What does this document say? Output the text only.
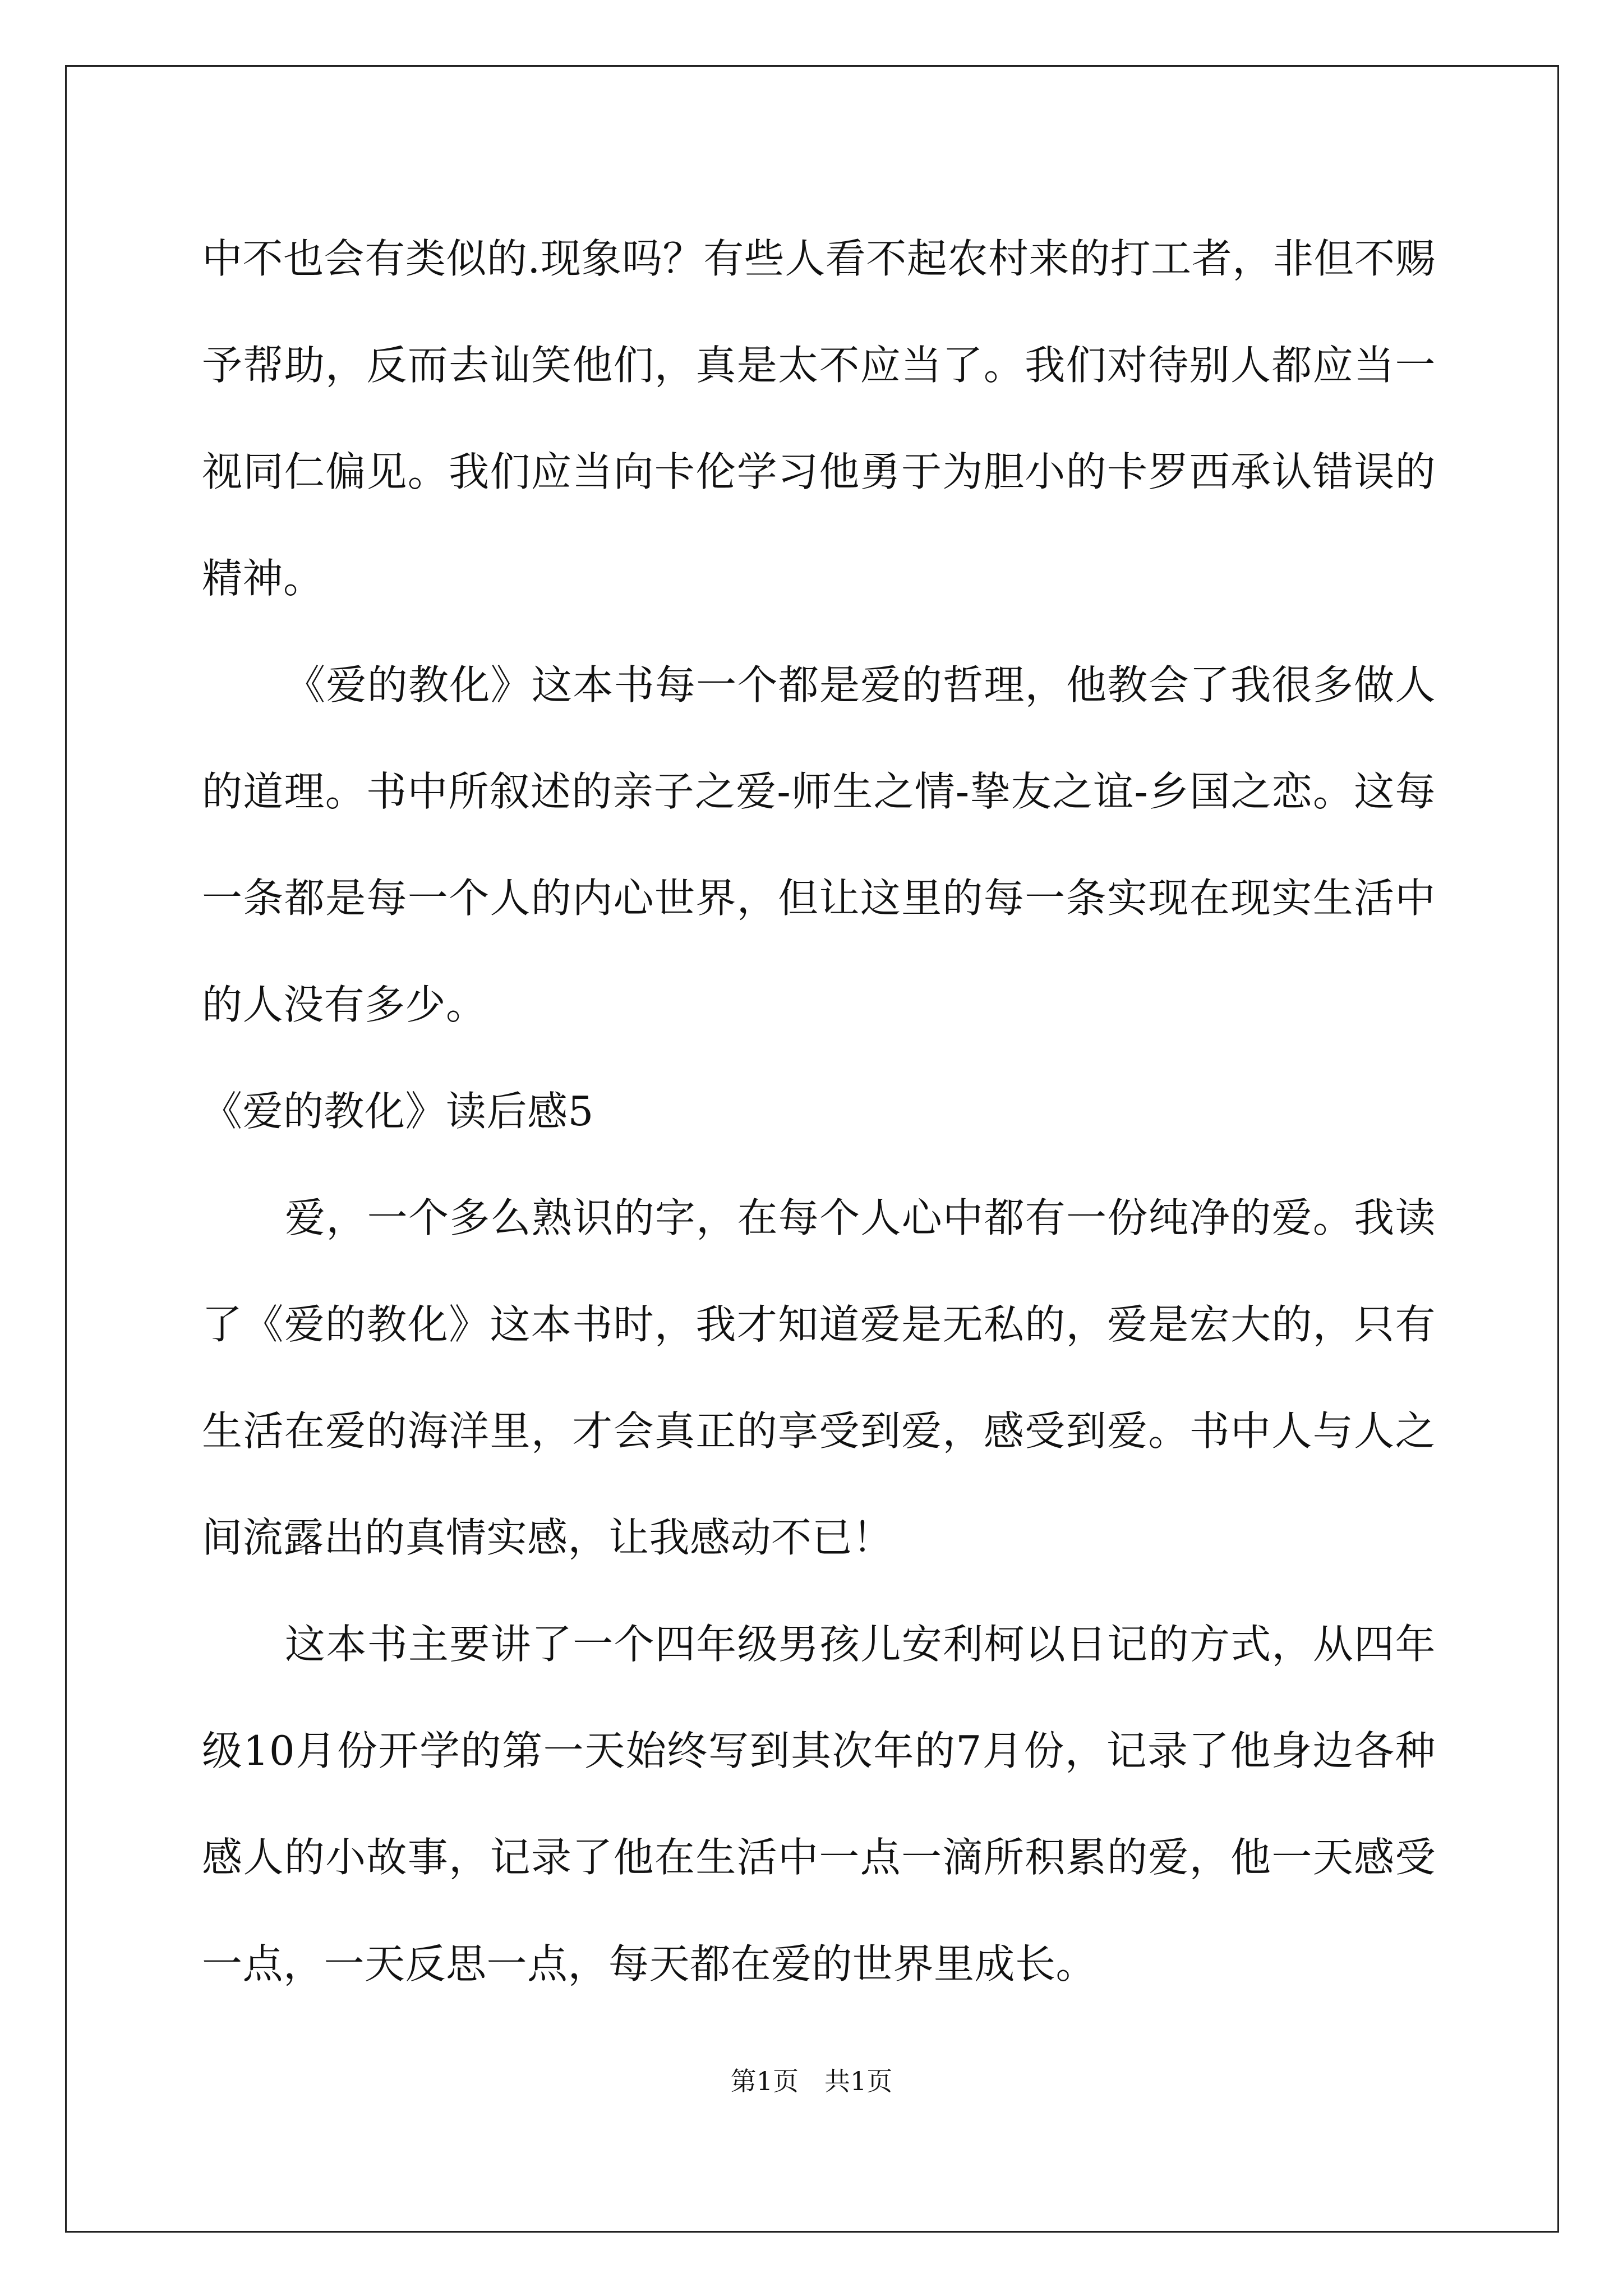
中不也会有类似的.现象吗？有些人看不起农村来的打工者，非但不赐
予帮助，反而去讪笑他们，真是太不应当了。我们对待别人都应当一
视同仁偏见。我们应当向卡伦学习他勇于为胆小的卡罗西承认错误的
精神。
《爱的教化》这本书每一个都是爱的哲理，他教会了我很多做人
的道理。书中所叙述的亲子之爱-师生之情-挚友之谊-乡国之恋。这每
一条都是每一个人的内心世界，但让这里的每一条实现在现实生活中
的人没有多少。
《爱的教化》读后感5
爱，一个多么熟识的字，在每个人心中都有一份纯净的爱。我读
了《爱的教化》这本书时，我才知道爱是无私的，爱是宏大的，只有
生活在爱的海洋里，才会真正的享受到爱，感受到爱。书中人与人之
间流露出的真情实感，让我感动不已！
这本书主要讲了一个四年级男孩儿安利柯以日记的方式，从四年
级10月份开学的第一天始终写到其次年的7月份，记录了他身边各种
感人的小故事，记录了他在生活中一点一滴所积累的爱，他一天感受
一点，一天反思一点，每天都在爱的世界里成长。
第1页 共1页
